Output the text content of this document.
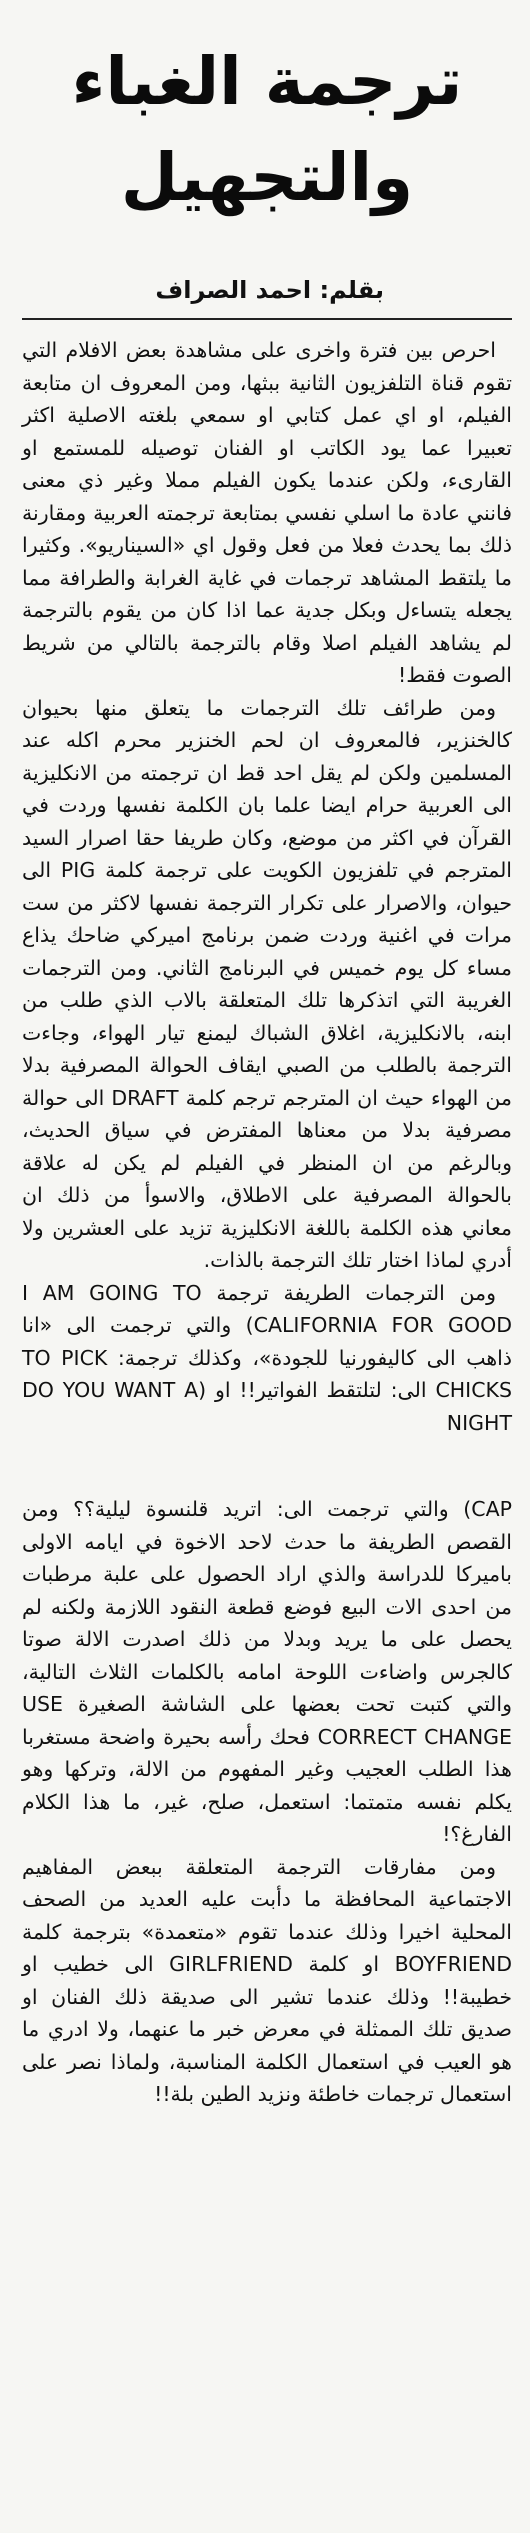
ترجمة الغباء
والتجهيل
بقلم: احمد الصراف

احرص بين فترة واخرى على مشاهدة بعض الافلام التي تقوم قناة التلفزيون الثانية ببثها، ومن المعروف ان متابعة الفيلم، او اي عمل كتابي او سمعي بلغته الاصلية اكثر تعبيرا عما يود الكاتب او الفنان توصيله للمستمع او القارىء، ولكن عندما يكون الفيلم مملا وغير ذي معنى فانني عادة ما اسلي نفسي بمتابعة ترجمته العربية ومقارنة ذلك بما يحدث فعلا من فعل وقول اي «السيناريو». وكثيرا ما يلتقط المشاهد ترجمات في غاية الغرابة والطرافة مما يجعله يتساءل وبكل جدية عما اذا كان من يقوم بالترجمة لم يشاهد الفيلم اصلا وقام بالترجمة بالتالي من شريط الصوت فقط!

ومن طرائف تلك الترجمات ما يتعلق منها بحيوان كالخنزير، فالمعروف ان لحم الخنزير محرم اكله عند المسلمين ولكن لم يقل احد قط ان ترجمته من الانكليزية الى العربية حرام ايضا علما بان الكلمة نفسها وردت في القرآن في اكثر من موضع، وكان طريفا حقا اصرار السيد المترجم في تلفزيون الكويت على ترجمة كلمة PIG الى حيوان، والاصرار على تكرار الترجمة نفسها لاكثر من ست مرات في اغنية وردت ضمن برنامج اميركي ضاحك يذاع مساء كل يوم خميس في البرنامج الثاني. ومن الترجمات الغريبة التي اتذكرها تلك المتعلقة بالاب الذي طلب من ابنه، بالانكليزية، اغلاق الشباك ليمنع تيار الهواء، وجاءت الترجمة بالطلب من الصبي ايقاف الحوالة المصرفية بدلا من الهواء حيث ان المترجم ترجم كلمة DRAFT الى حوالة مصرفية بدلا من معناها المفترض في سياق الحديث، وبالرغم من ان المنظر في الفيلم لم يكن له علاقة بالحوالة المصرفية على الاطلاق، والاسوأ من ذلك ان معاني هذه الكلمة باللغة الانكليزية تزيد على العشرين ولا أدري لماذا اختار تلك الترجمة بالذات.

ومن الترجمات الطريفة ترجمة I AM GOING TO CALIFORNIA FOR GOOD) والتي ترجمت الى «انا ذاهب الى كاليفورنيا للجودة»، وكذلك ترجمة: TO PICK CHICKS الى: لتلتقط الفواتير!! او (DO YOU WANT A NIGHT

CAP) والتي ترجمت الى: اتريد قلنسوة ليلية؟؟ ومن القصص الطريفة ما حدث لاحد الاخوة في ايامه الاولى باميركا للدراسة والذي اراد الحصول على علبة مرطبات من احدى الات البيع فوضع قطعة النقود اللازمة ولكنه لم يحصل على ما يريد وبدلا من ذلك اصدرت الالة صوتا كالجرس واضاءت اللوحة امامه بالكلمات الثلاث التالية، والتي كتبت تحت بعضها على الشاشة الصغيرة USE CORRECT CHANGE فحك رأسه بحيرة واضحة مستغربا هذا الطلب العجيب وغير المفهوم من الالة، وتركها وهو يكلم نفسه متمتما: استعمل، صلح، غير، ما هذا الكلام الفارغ؟!

ومن مفارقات الترجمة المتعلقة ببعض المفاهيم الاجتماعية المحافظة ما دأبت عليه العديد من الصحف المحلية اخيرا وذلك عندما تقوم «متعمدة» بترجمة كلمة BOYFRIEND او كلمة GIRLFRIEND الى خطيب او خطيبة!! وذلك عندما تشير الى صديقة ذلك الفنان او صديق تلك الممثلة في معرض خبر ما عنهما، ولا ادري ما هو العيب في استعمال الكلمة المناسبة، ولماذا نصر على استعمال ترجمات خاطئة ونزيد الطين بلة!!
